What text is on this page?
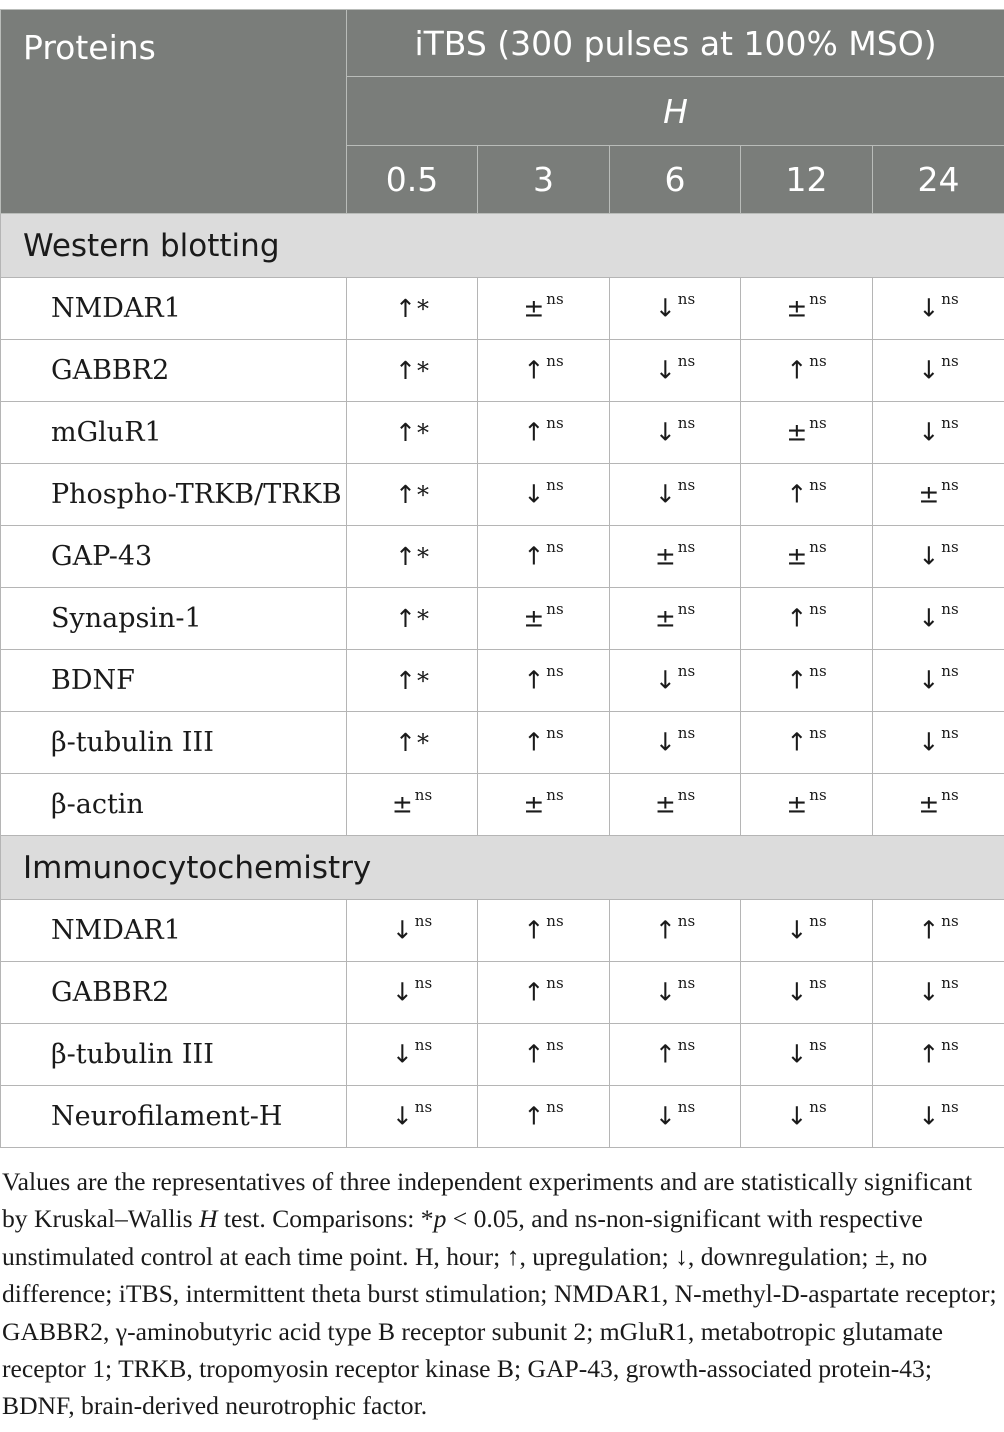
Proteins	iTBS (300 pulses at 100% MSO)				
	H				
	0.5	3	6	12	24
Western blotting					
NMDAR1	↑*	± $^{ns}$	↓ $^{ns}$	± $^{ns}$	↓ $^{ns}$
GABBR2	↑*	↑ $^{ns}$	↓ $^{ns}$	↑ $^{ns}$	↓ $^{ns}$
mGluR1	↑*	↑ $^{ns}$	↓ $^{ns}$	± $^{ns}$	↓ $^{ns}$
Phospho-TRKB/TRKB	↑*	↓ $^{ns}$	↓ $^{ns}$	↑ $^{ns}$	± $^{ns}$
GAP-43	↑*	↑ $^{ns}$	± $^{ns}$	± $^{ns}$	↓ $^{ns}$
Synapsin-1	↑*	± $^{ns}$	± $^{ns}$	↑ $^{ns}$	↓ $^{ns}$
BDNF	↑*	↑ $^{ns}$	↓ $^{ns}$	↑ $^{ns}$	↓ $^{ns}$
β-tubulin III	↑*	↑ $^{ns}$	↓ $^{ns}$	↑ $^{ns}$	↓ $^{ns}$
β-actin	± $^{ns}$	± $^{ns}$	± $^{ns}$	± $^{ns}$	± $^{ns}$
Immunocytochemistry					
NMDAR1	↓ $^{ns}$	↑ $^{ns}$	↑ $^{ns}$	↓ $^{ns}$	↑ $^{ns}$
GABBR2	↓ $^{ns}$	↑ $^{ns}$	↓ $^{ns}$	↓ $^{ns}$	↓ $^{ns}$
β-tubulin III	↓ $^{ns}$	↑ $^{ns}$	↑ $^{ns}$	↓ $^{ns}$	↑ $^{ns}$
Neurofilament-H	↓ $^{ns}$	↑ $^{ns}$	↓ $^{ns}$	↓ $^{ns}$	↓ $^{ns}$

Values are the representatives of three independent experiments and are statistically significant by Kruskal–Wallis H test. Comparisons: *p < 0.05, and ns-non-significant with respective unstimulated control at each time point. H, hour; ↑, upregulation; ↓, downregulation; ±, no difference; iTBS, intermittent theta burst stimulation; NMDAR1, N-methyl-D-aspartate receptor; GABBR2, γ-aminobutyric acid type B receptor subunit 2; mGluR1, metabotropic glutamate receptor 1; TRKB, tropomyosin receptor kinase B; GAP-43, growth-associated protein-43; BDNF, brain-derived neurotrophic factor.
